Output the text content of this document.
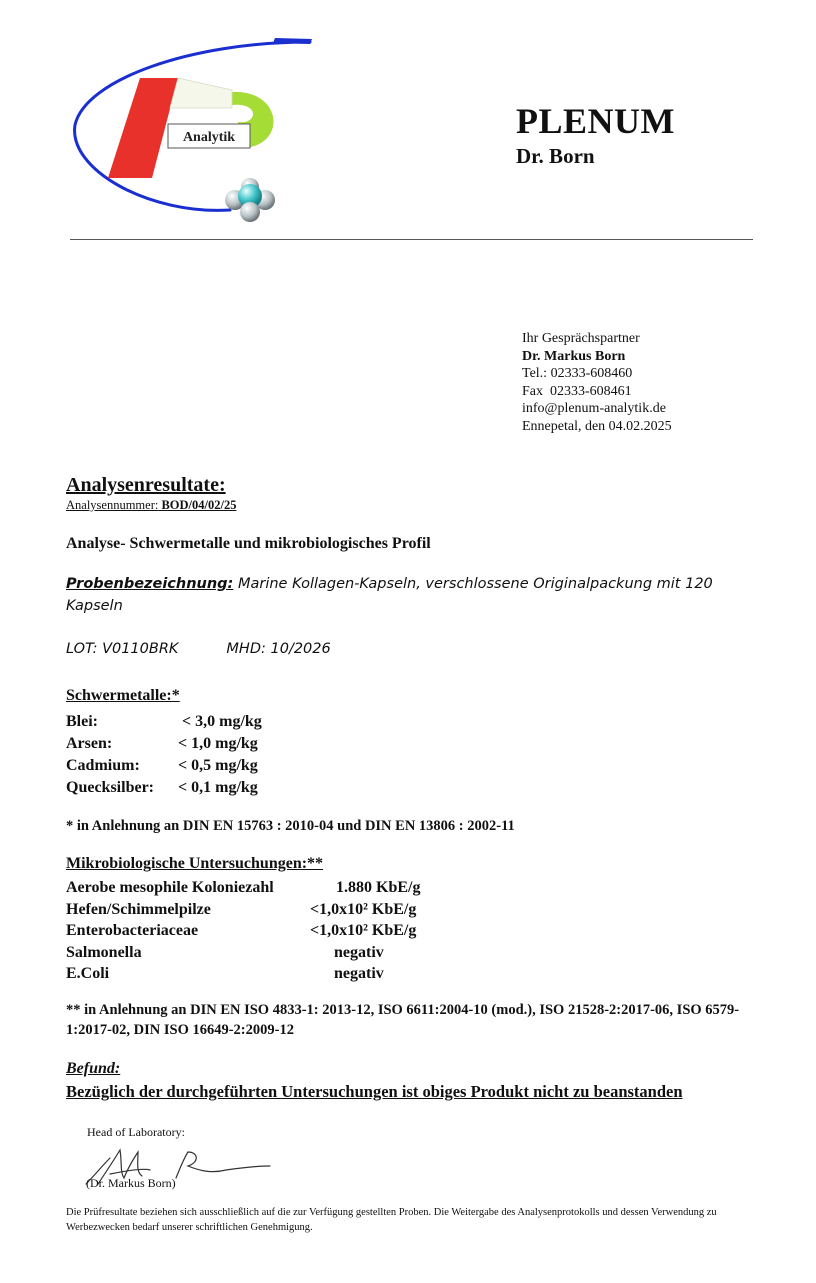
Analytik	PLENUM
Dr. Born
Ihr Gesprächspartner
Dr. Markus Born
Tel.: 02333-608460
Fax  02333-608461
info@plenum-analytik.de
Ennepetal, den 04.02.2025
Analysenresultate:
Analysennummer: BOD/04/02/25
Analyse- Schwermetalle und mikrobiologisches Profil
Probenbezeichnung: Marine Kollagen-Kapseln, verschlossene Originalpackung mit 120 Kapseln
LOT: V0110BRK	MHD: 10/2026
Schwermetalle:*
Blei:	< 3,0 mg/kg
Arsen:	< 1,0 mg/kg
Cadmium:	< 0,5 mg/kg
Quecksilber:	< 0,1 mg/kg
* in Anlehnung an DIN EN 15763 : 2010-04 und DIN EN 13806 : 2002-11
Mikrobiologische Untersuchungen:**
Aerobe mesophile Koloniezahl	1.880 KbE/g
Hefen/Schimmelpilze	<1,0x10² KbE/g
Enterobacteriaceae	<1,0x10² KbE/g
Salmonella	negativ
E.Coli	negativ
** in Anlehnung an DIN EN ISO 4833-1: 2013-12, ISO 6611:2004-10 (mod.), ISO 21528-2:2017-06, ISO 6579-1:2017-02, DIN ISO 16649-2:2009-12
Befund:
Bezüglich der durchgeführten Untersuchungen ist obiges Produkt nicht zu beanstanden
Head of Laboratory:
(Dr. Markus Born)
Die Prüfresultate beziehen sich ausschließlich auf die zur Verfügung gestellten Proben. Die Weitergabe des Analysenprotokolls und dessen Verwendung zu Werbezwecken bedarf unserer schriftlichen Genehmigung.
